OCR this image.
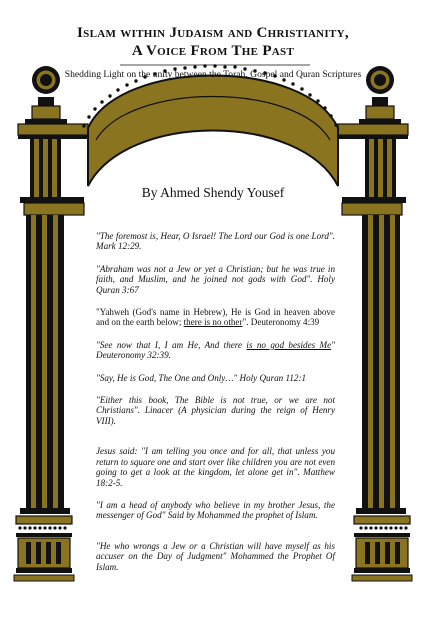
Islam within Judaism and Christianity,
A Voice From The Past
Shedding Light on the unity between the Torah, Gospel and Quran Scriptures
By Ahmed Shendy Yousef

"The foremost is, Hear, O Israel! The Lord our God is one Lord". Mark 12:29.

"Abraham was not a Jew or yet a Christian; but he was true in faith, and Muslim, and he joined not gods with God". Holy Quran 3:67

"Yahweh (God's name in Hebrew), He is God in heaven above and on the earth below; there is no other". Deuteronomy 4:39

"See now that I, I am He, And there is no god besides Me" Deuteronomy 32:39.

"Say, He is God, The One and Only…" Holy Quran 112:1

"Either this book, The Bible is not true, or we are not Christians". Linacer (A physician during the reign of Henry VIII).

Jesus said: "I am telling you once and for all, that unless you return to square one and start over like children you are not even going to get a look at the kingdom, let alone get in". Matthew 18:2-5.

"I am a head of anybody who believe in my brother Jesus, the messenger of God" Said by Mohammed the prophet of Islam.

"He who wrongs a Jew or a Christian will have myself as his accuser on the Day of Judgment" Mohammed the Prophet Of Islam.
